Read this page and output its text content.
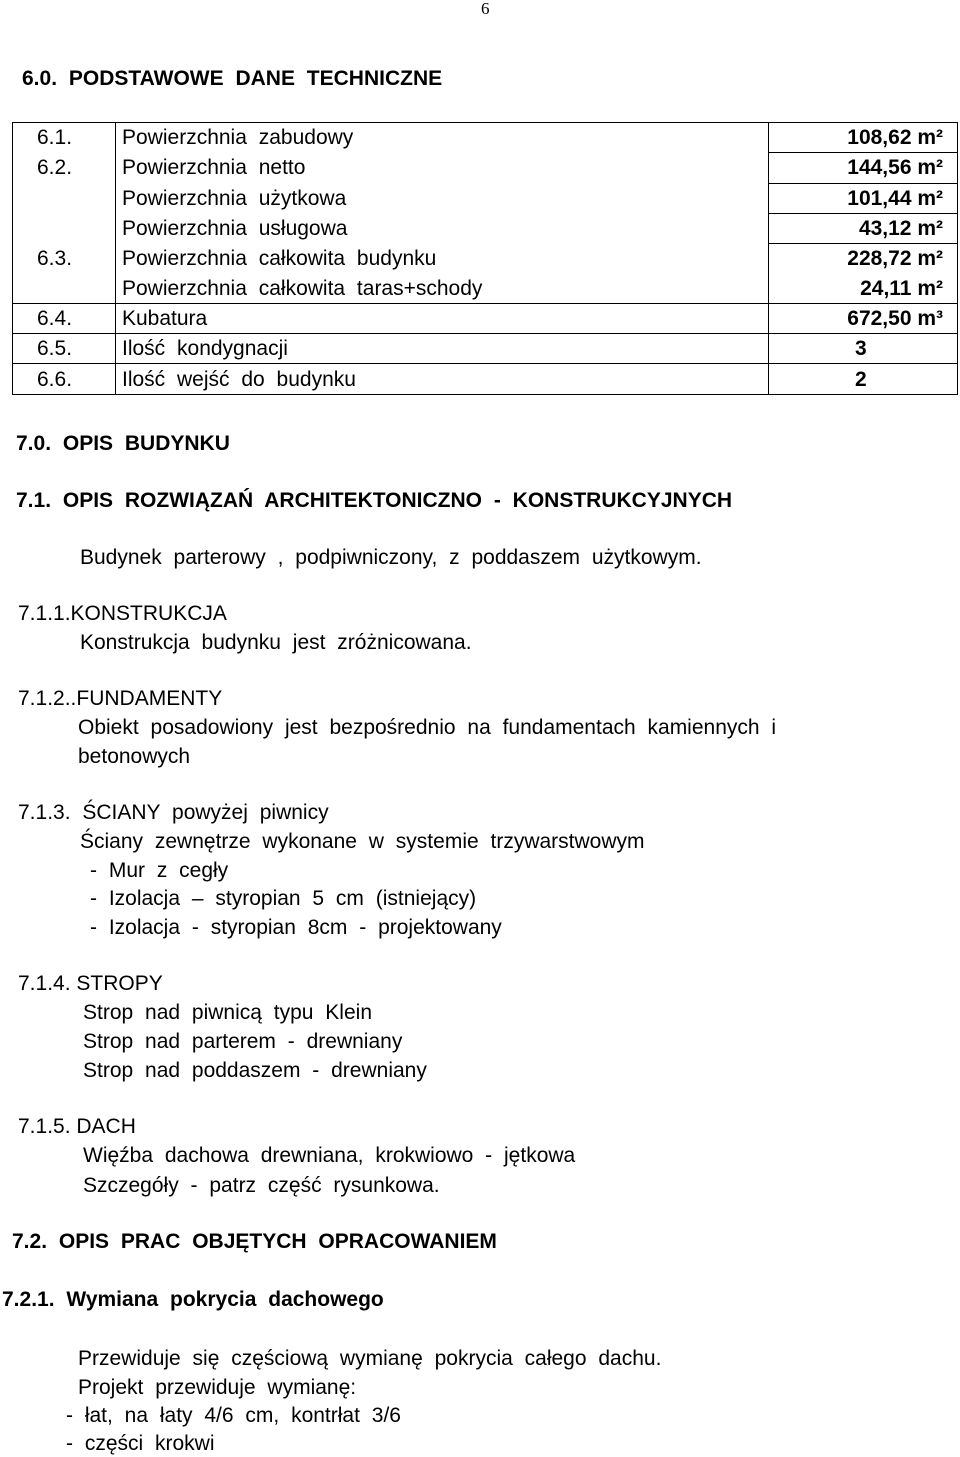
6
6.0. PODSTAWOWE DANE TECHNICZNE
6.1.	Powierzchnia zabudowy	108,62 m²
6.2.	Powierzchnia netto	144,56 m²
	Powierzchnia użytkowa	101,44 m²
	Powierzchnia usługowa	43,12 m²
6.3.	Powierzchnia całkowita budynku	228,72 m²
	Powierzchnia całkowita taras+schody	24,11 m²
6.4.	Kubatura	672,50 m³
6.5.	Ilość kondygnacji	3
6.6.	Ilość wejść do budynku	2
7.0. OPIS BUDYNKU
7.1. OPIS ROZWIĄZAŃ ARCHITEKTONICZNO - KONSTRUKCYJNYCH
Budynek parterowy , podpiwniczony, z poddaszem użytkowym.
7.1.1.KONSTRUKCJA
Konstrukcja budynku jest zróżnicowana.
7.1.2..FUNDAMENTY
Obiekt posadowiony jest bezpośrednio na fundamentach kamiennych i
betonowych
7.1.3. ŚCIANY powyżej piwnicy
Ściany zewnętrze wykonane w systemie trzywarstwowym
- Mur z cegły
- Izolacja – styropian 5 cm (istniejący)
- Izolacja - styropian 8cm - projektowany
7.1.4. STROPY
Strop nad piwnicą typu Klein
Strop nad parterem - drewniany
Strop nad poddaszem - drewniany
7.1.5. DACH
Więźba dachowa drewniana, krokwiowo - jętkowa
Szczegóły - patrz część rysunkowa.
7.2. OPIS PRAC OBJĘTYCH OPRACOWANIEM
7.2.1. Wymiana pokrycia dachowego
Przewiduje się częściową wymianę pokrycia całego dachu.
Projekt przewiduje wymianę:
- łat, na łaty 4/6 cm, kontrłat 3/6
- części krokwi
